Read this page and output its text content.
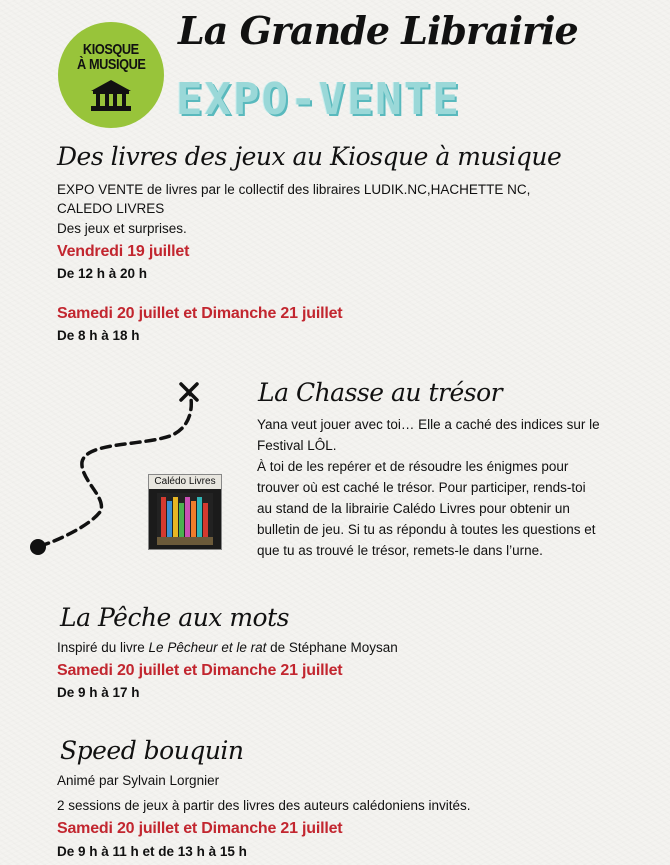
KIOSQUE
À MUSIQUE
La Grande Librairie
EXPO-VENTE
Des livres des jeux au Kiosque à musique

EXPO VENTE de livres par le collectif des libraires LUDIK.NC,HACHETTE NC,

CALEDO LIVRES

Des jeux et surprises.

Vendredi 19 juillet

De 12 h à 20 h

Samedi 20 juillet et Dimanche 21 juillet

De 8 h à 18 h

Calédo Livres
La Chasse au trésor

Yana veut jouer avec toi… Elle a caché des indices sur le

Festival LÔL.

À toi de les repérer et de résoudre les énigmes pour

trouver où est caché le trésor. Pour participer, rends-toi

au stand de la librairie Calédo Livres pour obtenir un

bulletin de jeu. Si tu as répondu à toutes les questions et

que tu as trouvé le trésor, remets-le dans l’urne.

La Pêche aux mots

Inspiré du livre Le Pêcheur et le rat de Stéphane Moysan

Samedi 20 juillet et Dimanche 21 juillet

De 9 h à 17 h

Speed bouquin

Animé par Sylvain Lorgnier

2 sessions de jeux à partir des livres des auteurs calédoniens invités.

Samedi 20 juillet et Dimanche 21 juillet

De 9 h à 11 h et de 13 h à 15 h
